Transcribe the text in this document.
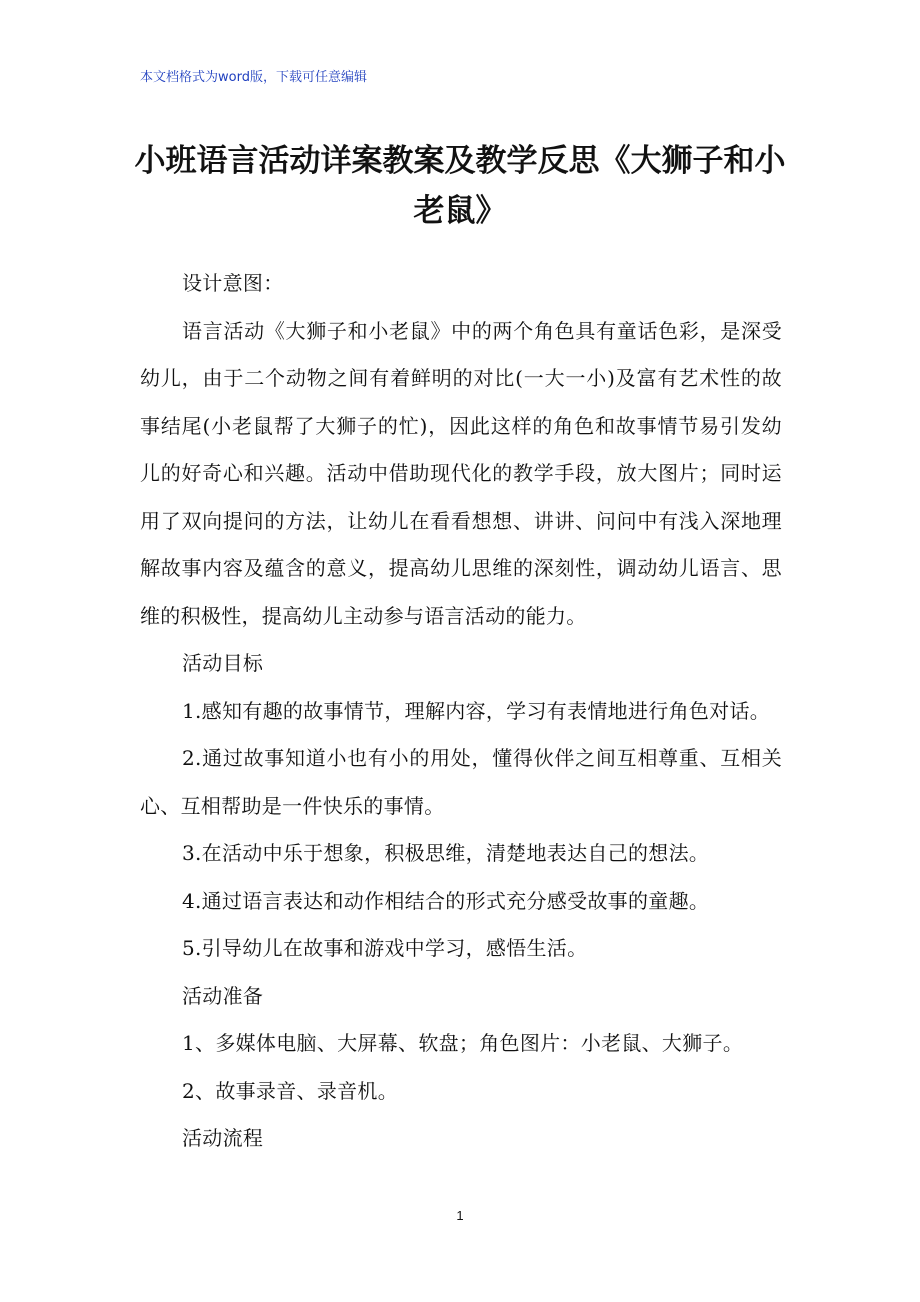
本文档格式为word版，下载可任意编辑
小班语言活动详案教案及教学反思《大狮子和小老鼠》

设计意图：

语言活动《大狮子和小老鼠》中的两个角色具有童话色彩，是深受幼儿，由于二个动物之间有着鲜明的对比(一大一小)及富有艺术性的故事结尾(小老鼠帮了大狮子的忙)，因此这样的角色和故事情节易引发幼儿的好奇心和兴趣。活动中借助现代化的教学手段，放大图片；同时运用了双向提问的方法，让幼儿在看看想想、讲讲、问问中有浅入深地理解故事内容及蕴含的意义，提高幼儿思维的深刻性，调动幼儿语言、思维的积极性，提高幼儿主动参与语言活动的能力。

活动目标

1.感知有趣的故事情节，理解内容，学习有表情地进行角色对话。

2.通过故事知道小也有小的用处，懂得伙伴之间互相尊重、互相关心、互相帮助是一件快乐的事情。

3.在活动中乐于想象，积极思维，清楚地表达自己的想法。

4.通过语言表达和动作相结合的形式充分感受故事的童趣。

5.引导幼儿在故事和游戏中学习，感悟生活。

活动准备

1、多媒体电脑、大屏幕、软盘；角色图片：小老鼠、大狮子。

2、故事录音、录音机。

活动流程

1
